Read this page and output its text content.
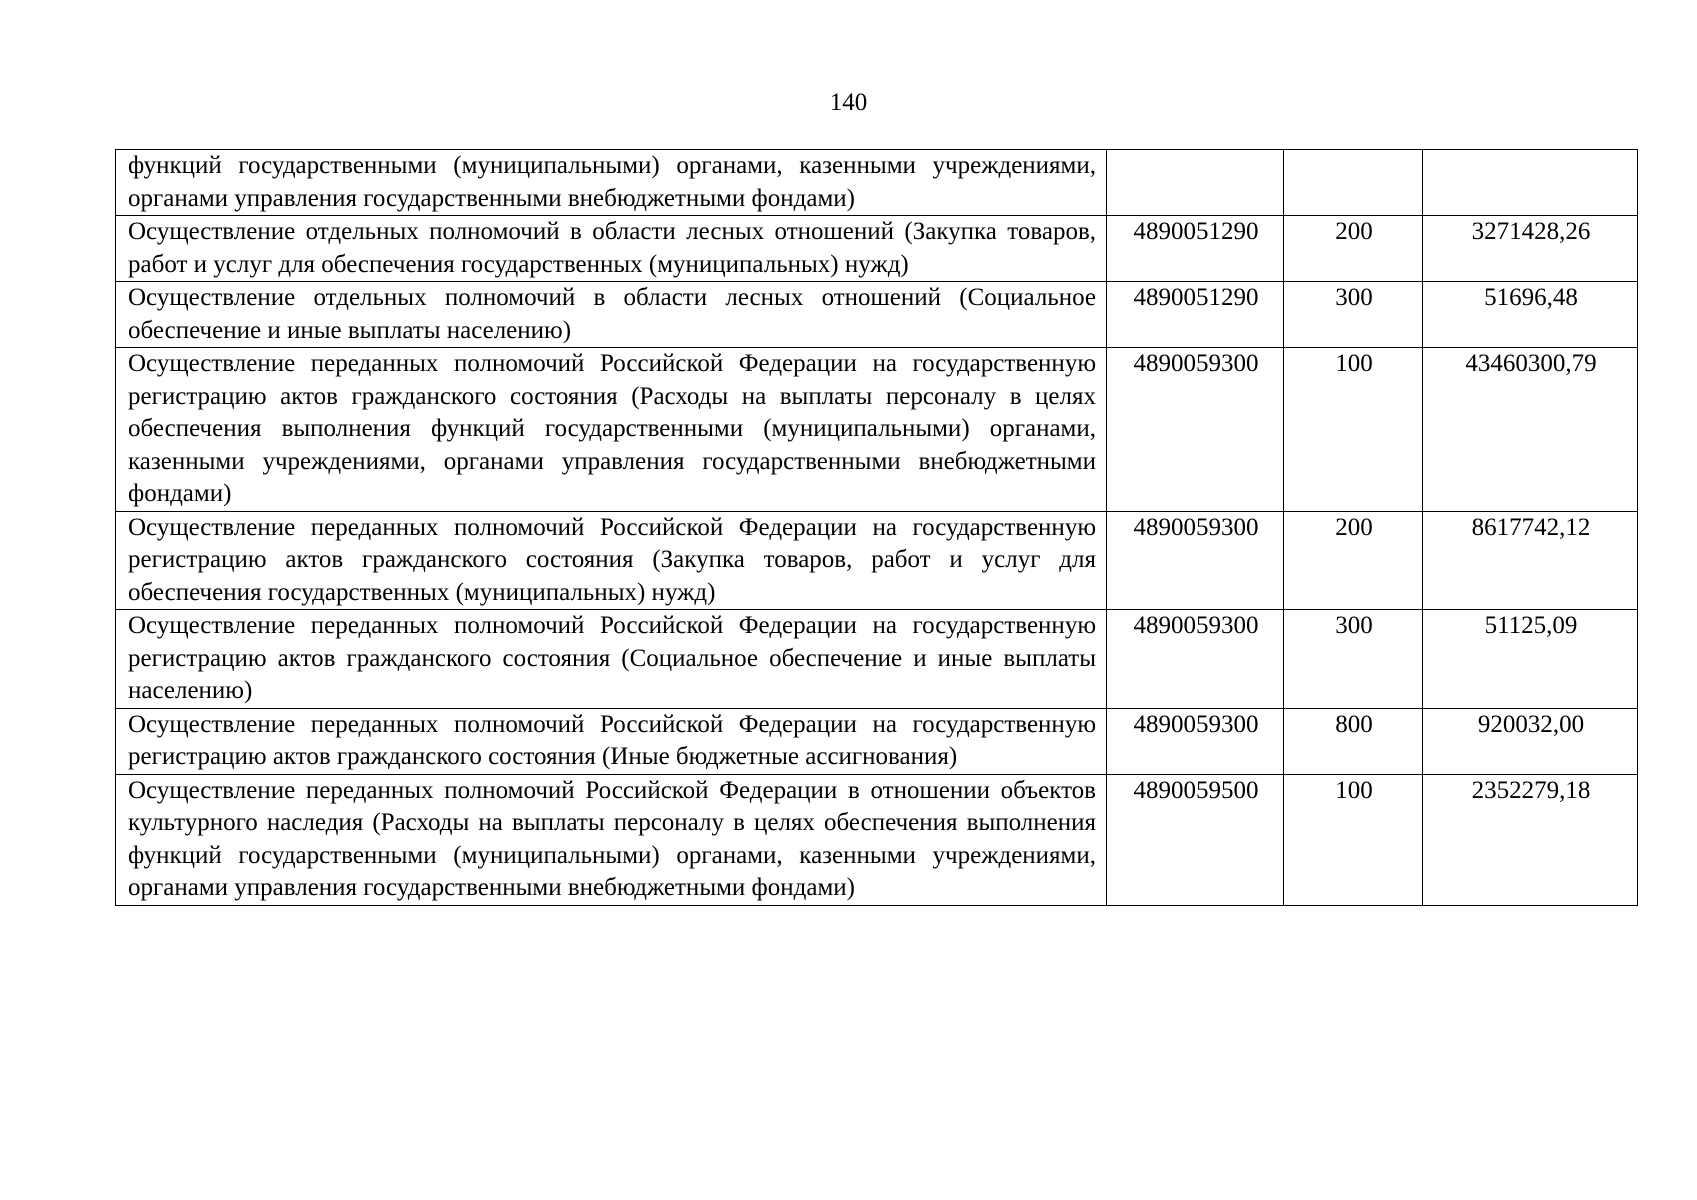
140
функций государственными (муниципальными) органами, казенными учреждениями, органами управления государственными внебюджетными фондами)			
Осуществление отдельных полномочий в области лесных отношений (Закупка товаров, работ и услуг для обеспечения государственных (муниципальных) нужд)	4890051290	200	3271428,26
Осуществление отдельных полномочий в области лесных отношений (Социальное обеспечение и иные выплаты населению)	4890051290	300	51696,48
Осуществление переданных полномочий Российской Федерации на государственную регистрацию актов гражданского состояния (Расходы на выплаты персоналу в целях обеспечения выполнения функций государственными (муниципальными) органами, казенными учреждениями, органами управления государственными внебюджетными фондами)	4890059300	100	43460300,79
Осуществление переданных полномочий Российской Федерации на государственную регистрацию актов гражданского состояния (Закупка товаров, работ и услуг для обеспечения государственных (муниципальных) нужд)	4890059300	200	8617742,12
Осуществление переданных полномочий Российской Федерации на государственную регистрацию актов гражданского состояния (Социальное обеспечение и иные выплаты населению)	4890059300	300	51125,09
Осуществление переданных полномочий Российской Федерации на государственную регистрацию актов гражданского состояния (Иные бюджетные ассигнования)	4890059300	800	920032,00
Осуществление переданных полномочий Российской Федерации в отношении объектов культурного наследия (Расходы на выплаты персоналу в целях обеспечения выполнения функций государственными (муниципальными) органами, казенными учреждениями, органами управления государственными внебюджетными фондами)	4890059500	100	2352279,18
